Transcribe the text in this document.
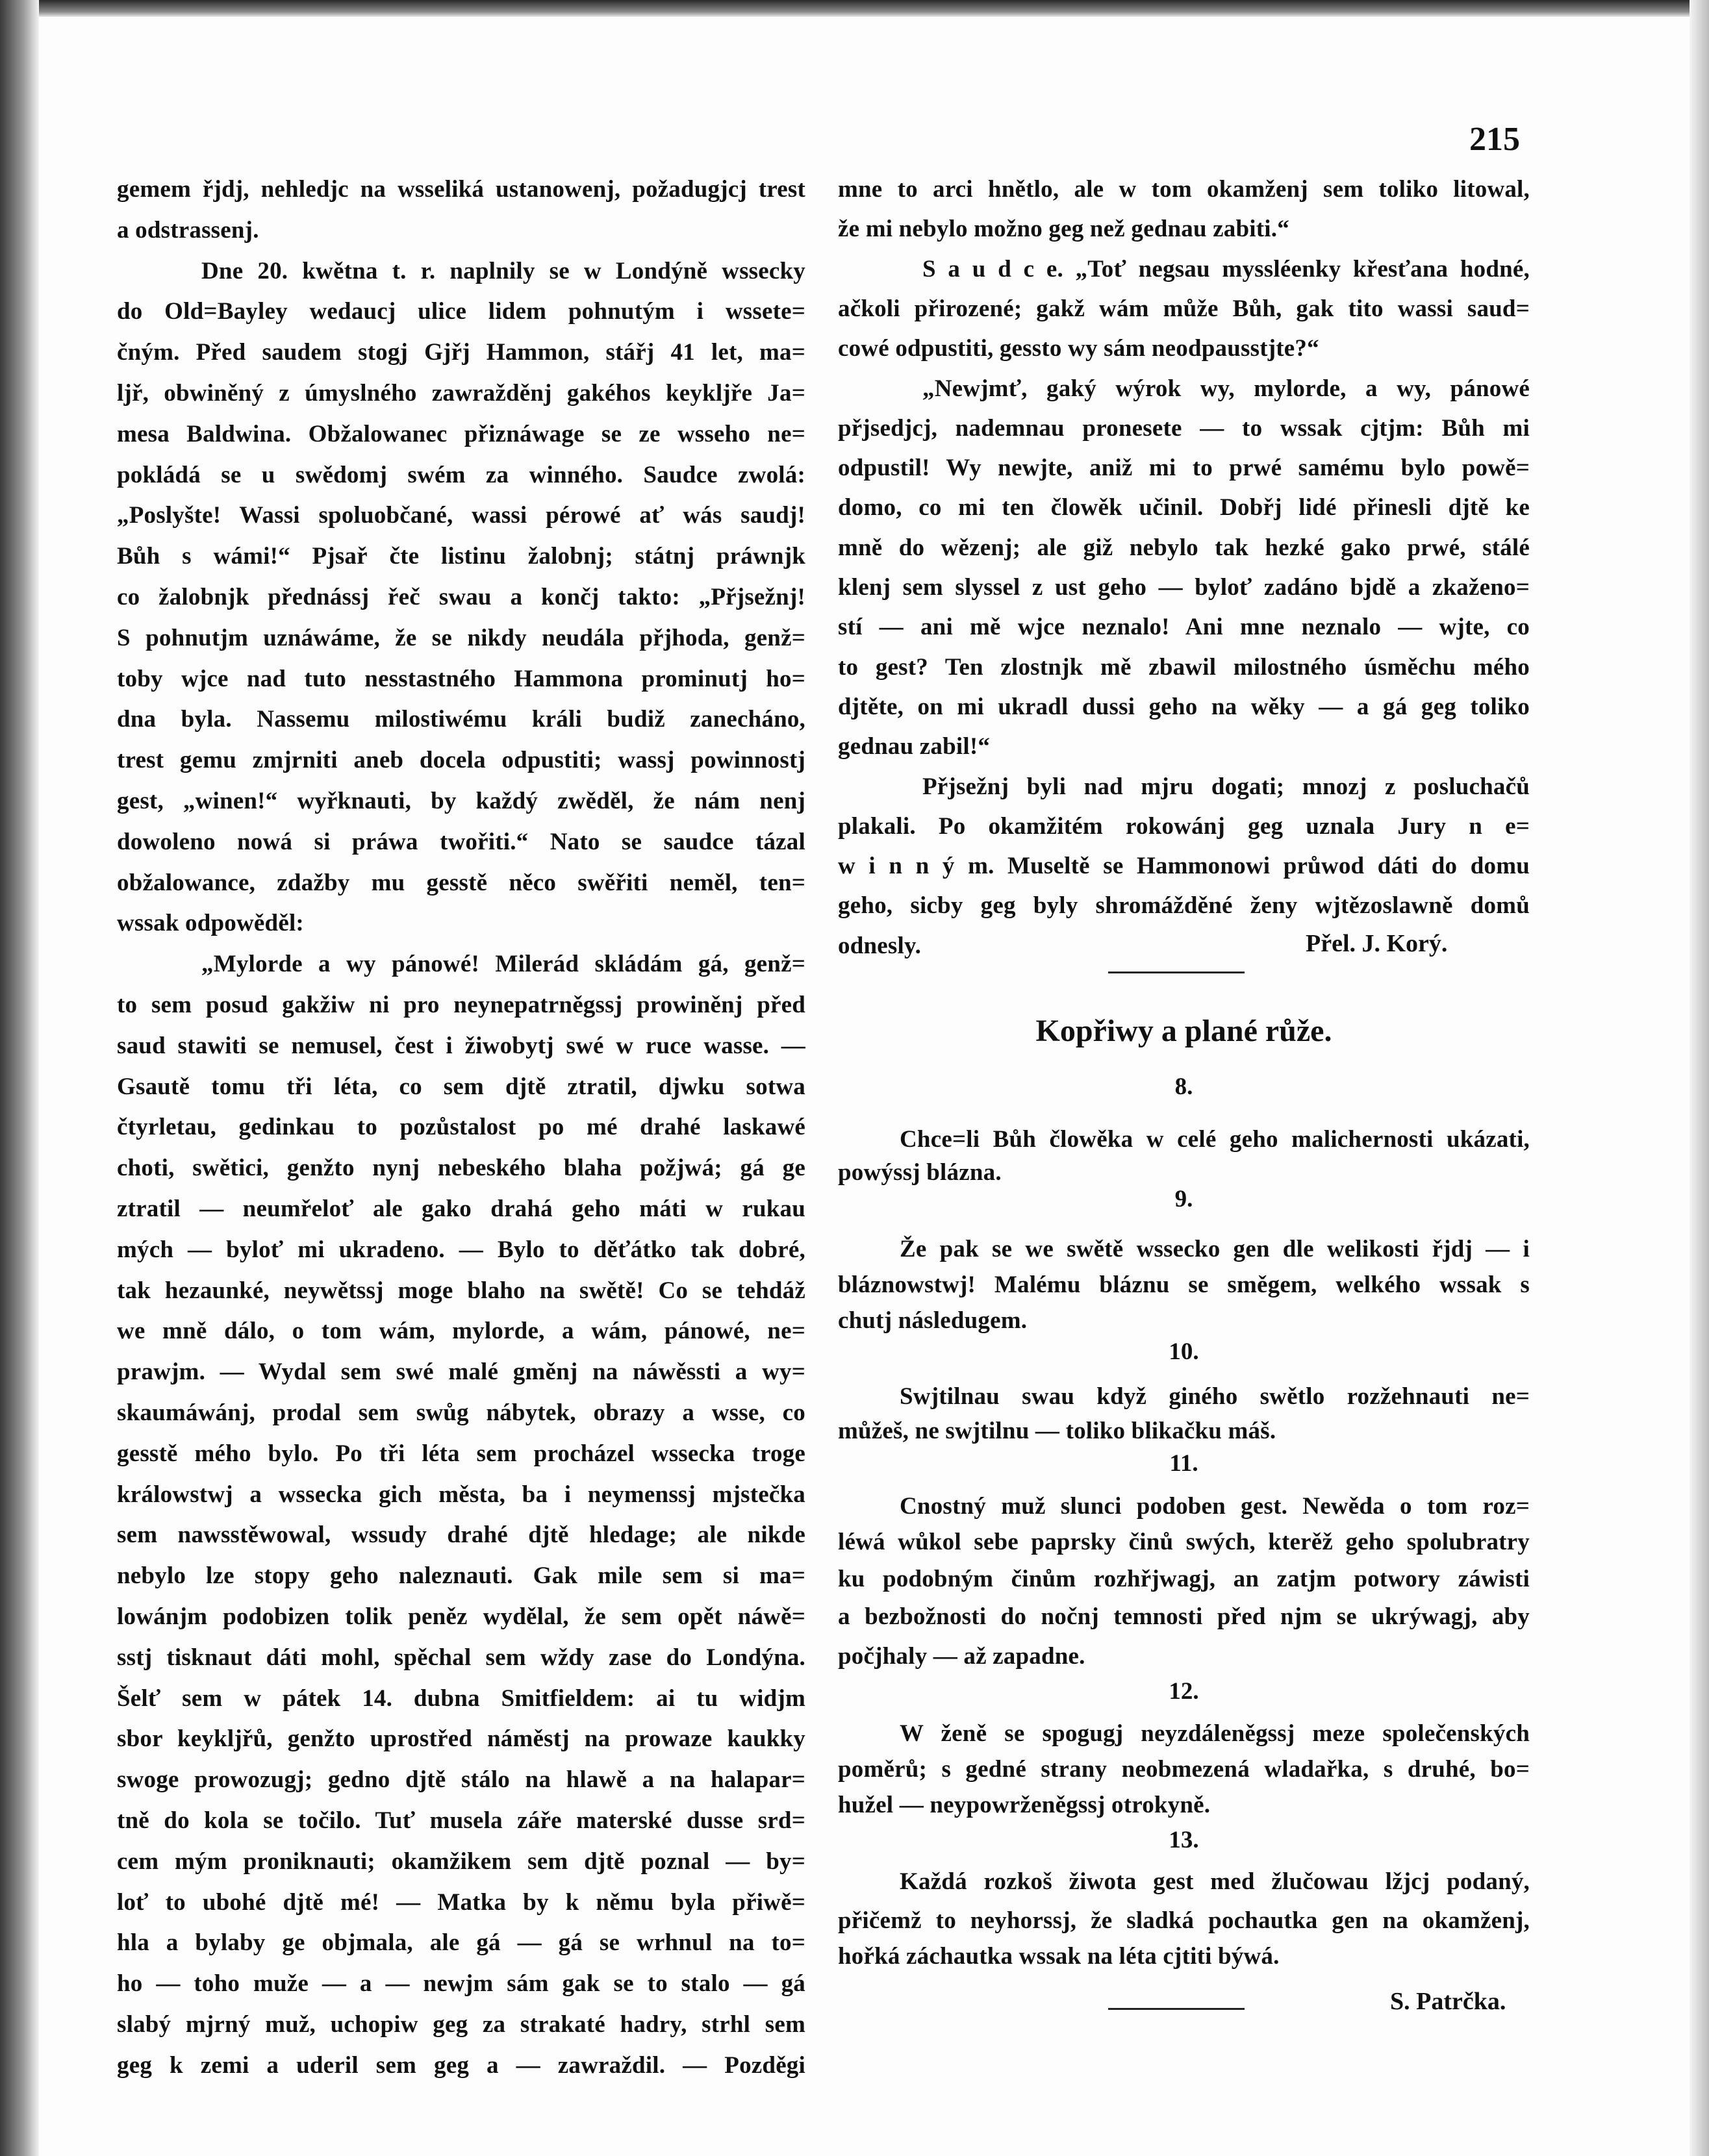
215
gemem řjdj, nehledjc na wsseliká ustanowenj, požadugjcj trest
a odstrassenj.
Dne 20. kwětna t. r. naplnily se w Londýně wssecky
do Old=Bayley wedaucj ulice lidem pohnutým i wssete=
čným. Před saudem stogj Gjřj Hammon, stářj 41 let, ma=
ljř, obwiněný z úmyslného zawražděnj gakéhos keykljře Ja=
mesa Baldwina. Obžalowanec přiznáwage se ze wsseho ne=
pokládá se u swědomj swém za winného. Saudce zwolá:
„Poslyšte! Wassi spoluobčané, wassi pérowé ať wás saudj!
Bůh s wámi!“ Pjsař čte listinu žalobnj; státnj práwnjk
co žalobnjk přednássj řeč swau a končj takto: „Přjsežnj!
S pohnutjm uznáwáme, že se nikdy neudála přjhoda, genž=
toby wjce nad tuto nesstastného Hammona prominutj ho=
dna byla. Nassemu milostiwému králi budiž zanecháno,
trest gemu zmjrniti aneb docela odpustiti; wassj powinnostj
gest, „winen!“ wyřknauti, by každý zwěděl, že nám nenj
dowoleno nowá si práwa twořiti.“ Nato se saudce tázal
obžalowance, zdažby mu gesstě něco swěřiti neměl, ten=
wssak odpowěděl:
„Mylorde a wy pánowé! Milerád skládám gá, genž=
to sem posud gakžiw ni pro neynepatrněgssj prowiněnj před
saud stawiti se nemusel, čest i žiwobytj swé w ruce wasse. —
Gsautě tomu tři léta, co sem djtě ztratil, djwku sotwa
čtyrletau, gedinkau to pozůstalost po mé drahé laskawé
choti, swětici, genžto nynj nebeského blaha požjwá; gá ge
ztratil — neumřeloť ale gako drahá geho máti w rukau
mých — byloť mi ukradeno. — Bylo to děťátko tak dobré,
tak hezaunké, neywětssj moge blaho na swětě! Co se tehdáž
we mně dálo, o tom wám, mylorde, a wám, pánowé, ne=
prawjm. — Wydal sem swé malé gměnj na náwěssti a wy=
skaumáwánj, prodal sem swůg nábytek, obrazy a wsse, co
gesstě mého bylo. Po tři léta sem procházel wssecka troge
králowstwj a wssecka gich města, ba i neymenssj mjstečka
sem nawsstěwowal, wssudy drahé djtě hledage; ale nikde
nebylo lze stopy geho naleznauti. Gak mile sem si ma=
lowánjm podobizen tolik peněz wydělal, že sem opět náwě=
sstj tisknaut dáti mohl, spěchal sem wždy zase do Londýna.
Šelť sem w pátek 14. dubna Smitfieldem: ai tu widjm
sbor keykljřů, genžto uprostřed náměstj na prowaze kaukky
swoge prowozugj; gedno djtě stálo na hlawě a na halapar=
tně do kola se točilo. Tuť musela záře materské dusse srd=
cem mým proniknauti; okamžikem sem djtě poznal — by=
loť to ubohé djtě mé! — Matka by k němu byla přiwě=
hla a bylaby ge objmala, ale gá — gá se wrhnul na to=
ho — toho muže — a — newjm sám gak se to stalo — gá
slabý mjrný muž, uchopiw geg za strakaté hadry, strhl sem
geg k zemi a uderil sem geg a — zawraždil. — Pozděgi
mne to arci hnětlo, ale w tom okamženj sem toliko litowal,
že mi nebylo možno geg než gednau zabiti.“
S a u d c e. „Toť negsau myssléenky křesťana hodné,
ačkoli přirozené; gakž wám může Bůh, gak tito wassi saud=
cowé odpustiti, gessto wy sám neodpausstjte?“
„Newjmť, gaký wýrok wy, mylorde, a wy, pánowé
přjsedjcj, nademnau pronesete — to wssak cjtjm: Bůh mi
odpustil! Wy newjte, aniž mi to prwé samému bylo powě=
domo, co mi ten člowěk učinil. Dobřj lidé přinesli djtě ke
mně do wězenj; ale giž nebylo tak hezké gako prwé, stálé
klenj sem slyssel z ust geho — byloť zadáno bjdě a zkaženo=
stí — ani mě wjce neznalo! Ani mne neznalo — wjte, co
to gest? Ten zlostnjk mě zbawil milostného úsměchu mého
djtěte, on mi ukradl dussi geho na wěky — a gá geg toliko
gednau zabil!“
Přjsežnj byli nad mjru dogati; mnozj z posluchačů
plakali. Po okamžitém rokowánj geg uznala Jury n e=
w i n n ý m. Museltě se Hammonowi průwod dáti do domu
geho, sicby geg byly shromážděné ženy wjtězoslawně domů
odnesly.	Přel. J. Korý.
Kopřiwy a plané růže.
8.
Chce=li Bůh člowěka w celé geho malichernosti ukázati,
powýssj blázna.
9.
Že pak se we swětě wssecko gen dle welikosti řjdj — i
bláznowstwj! Malému bláznu se směgem, welkého wssak s
chutj následugem.
10.
Swjtilnau swau když giného swětlo rozžehnauti ne=
můžeš, ne swjtilnu — toliko blikačku máš.
11.
Cnostný muž slunci podoben gest. Newěda o tom roz=
léwá wůkol sebe paprsky činů swých, kterěž geho spolubratry
ku podobným činům rozhřjwagj, an zatjm potwory záwisti
a bezbožnosti do nočnj temnosti před njm se ukrýwagj, aby
počjhaly — až zapadne.
12.
W ženě se spogugj neyzdáleněgssj meze společenských
poměrů; s gedné strany neobmezená wladařka, s druhé, bo=
hužel — neypowrženěgssj otrokyně.
13.
Každá rozkoš žiwota gest med žlučowau lžjcj podaný,
přičemž to neyhorssj, že sladká pochautka gen na okamženj,
hořká záchautka wssak na léta cjtiti býwá.
S. Patrčka.
